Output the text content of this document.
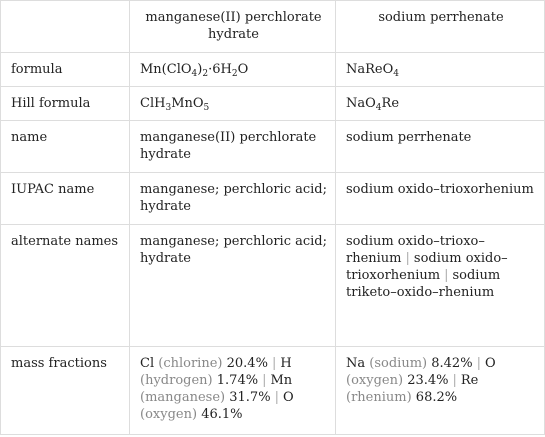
	manganese(II) perchlorate hydrate	sodium perrhenate
formula	$Mn(ClO_4)_2\cdot 6H_2O$	NaReO$_4$
Hill formula	ClH$_3$MnO$_5$	NaO$_4$Re
name	manganese(II) perchlorate hydrate	sodium perrhenate
IUPAC name	manganese; perchloric acid; hydrate	sodium oxido–trioxorhenium
alternate names	manganese; perchloric acid; hydrate	sodium oxido–trioxo–rhenium | sodium oxido–trioxorhenium | sodium triketo–oxido–rhenium
mass fractions	Cl (chlorine) 20.4% | H (hydrogen) 1.74% | Mn (manganese) 31.7% | O (oxygen) 46.1%	Na (sodium) 8.42% | O (oxygen) 23.4% | Re (rhenium) 68.2%
